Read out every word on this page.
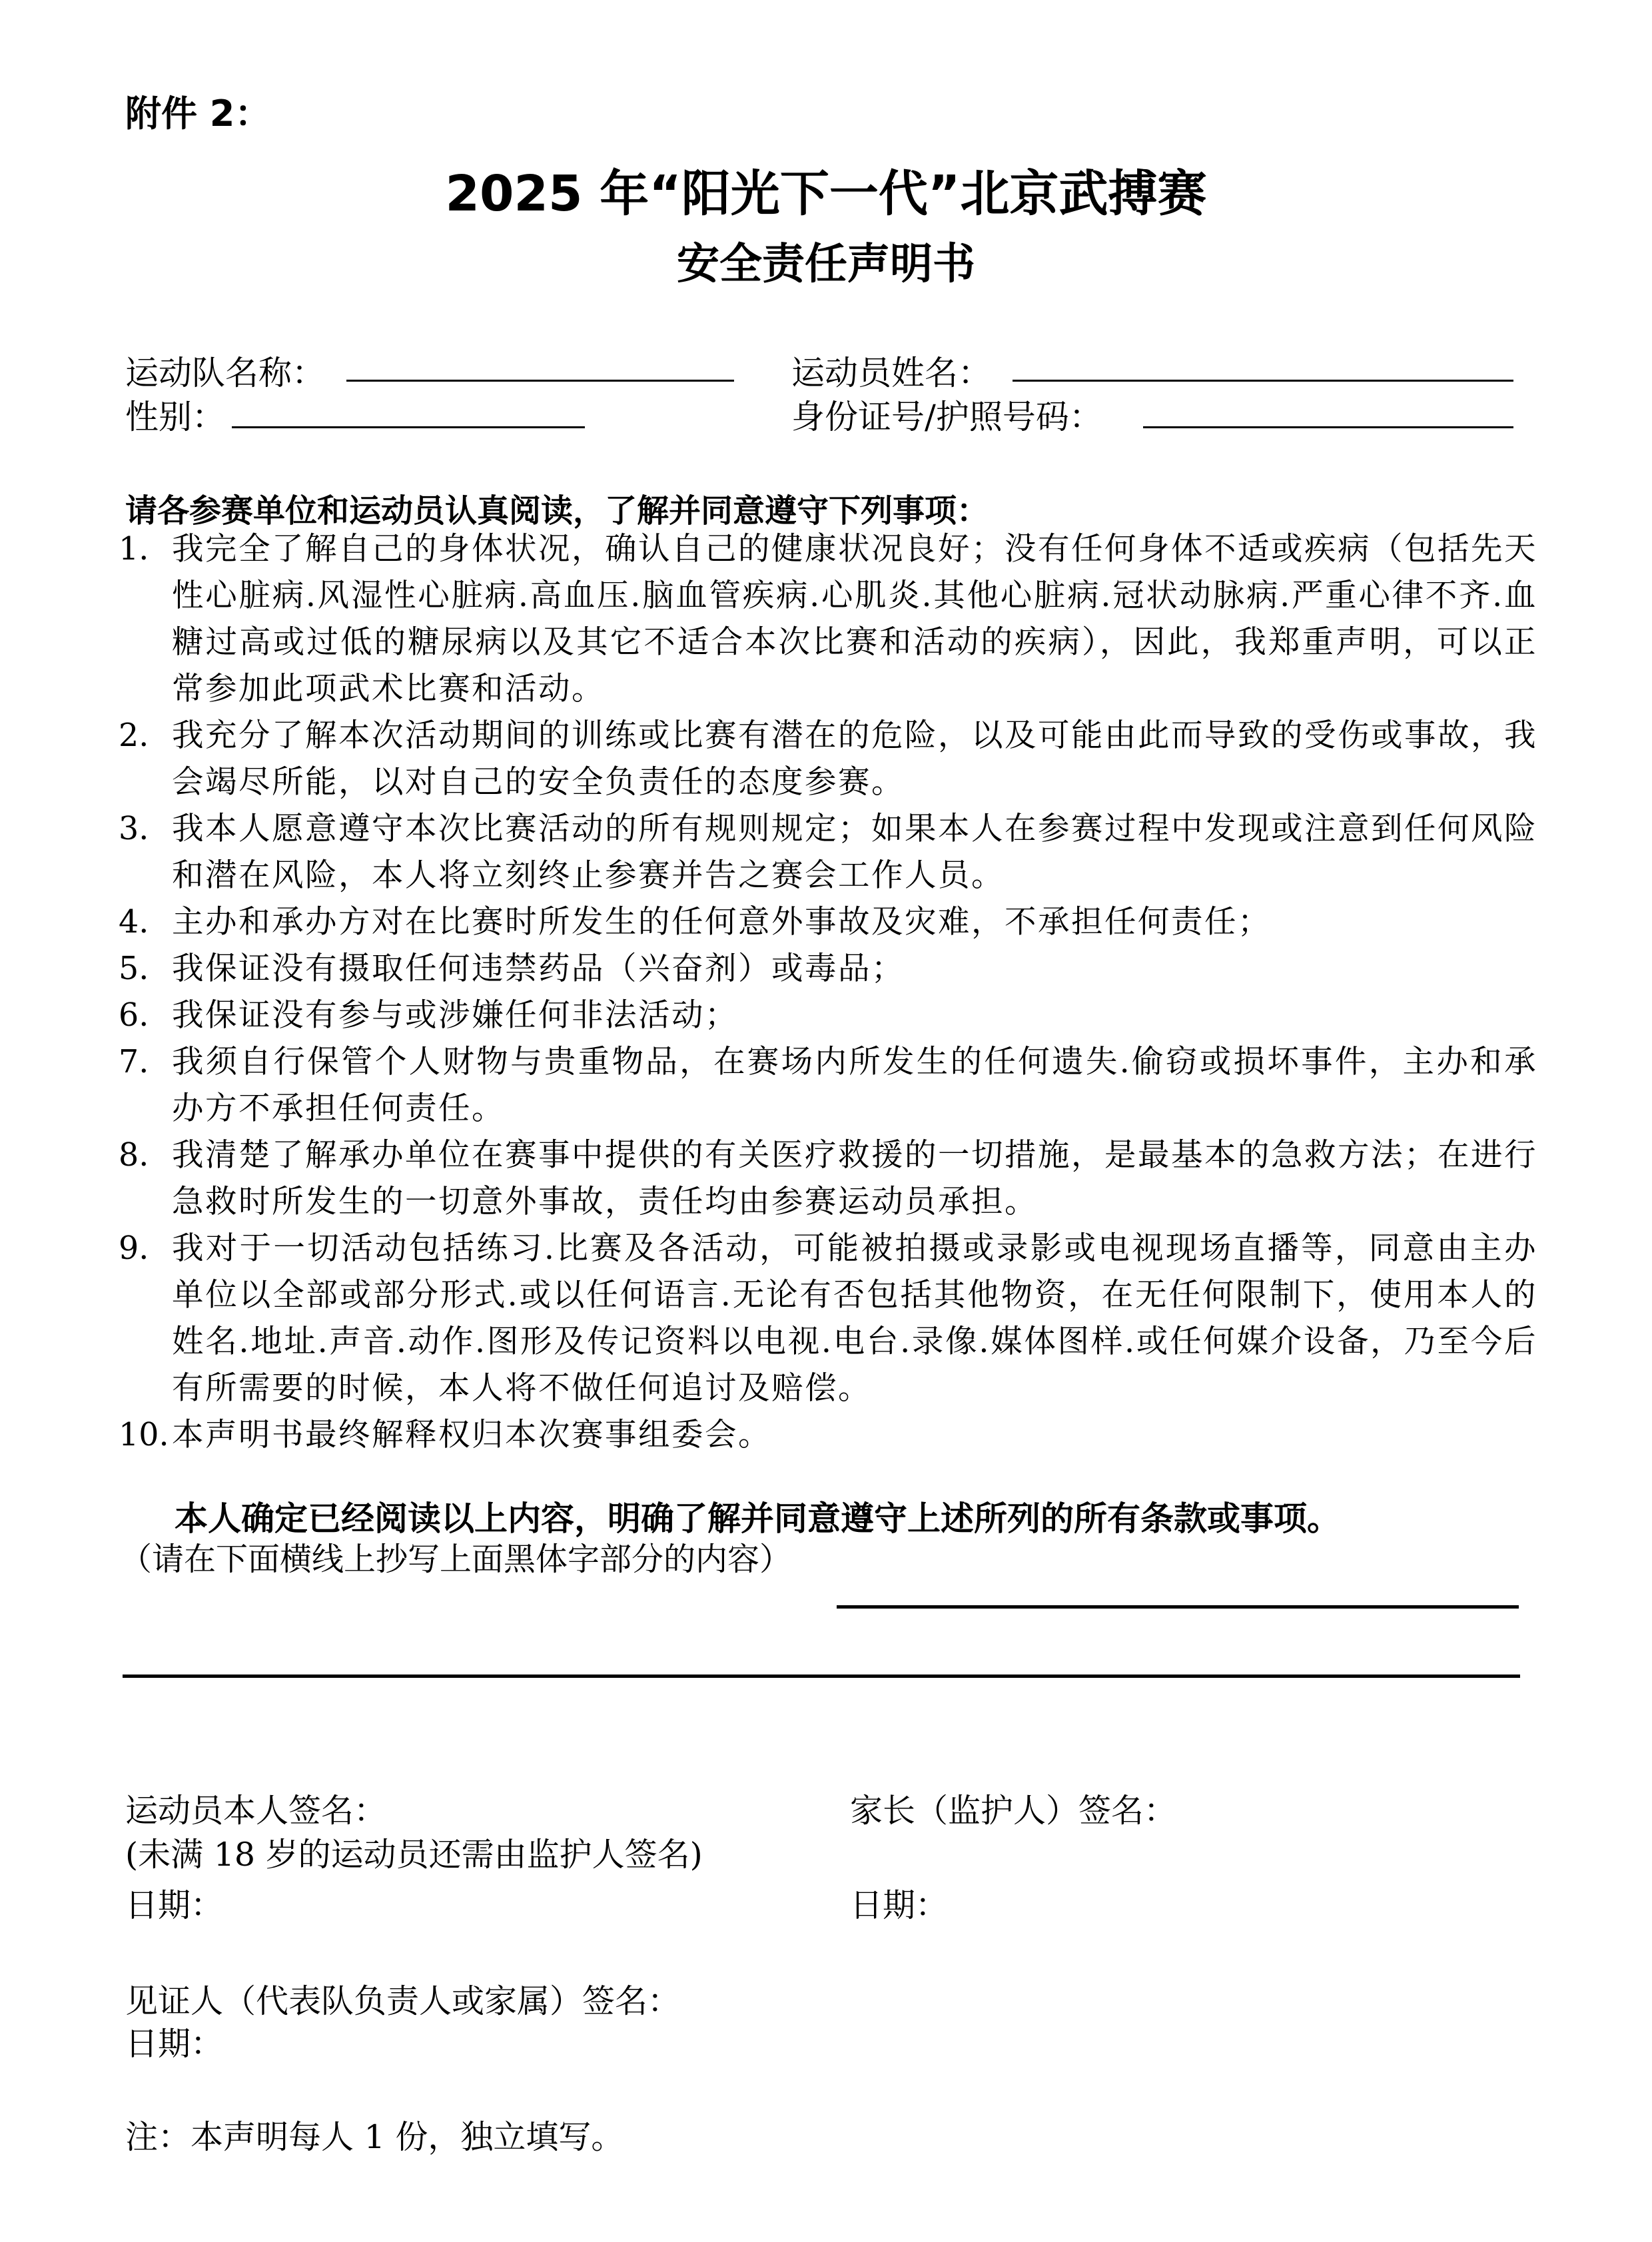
附件 2：
2025 年“阳光下一代”北京武搏赛
安全责任声明书
运动队名称：	运动员姓名：
性别：	身份证号/护照号码：
请各参赛单位和运动员认真阅读，了解并同意遵守下列事项：
1. 我完全了解自己的身体状况，确认自己的健康状况良好；没有任何身体不适或疾病（包括先天性心脏病.风湿性心脏病.高血压.脑血管疾病.心肌炎.其他心脏病.冠状动脉病.严重心律不齐.血糖过高或过低的糖尿病以及其它不适合本次比赛和活动的疾病），因此，我郑重声明，可以正常参加此项武术比赛和活动。
2. 我充分了解本次活动期间的训练或比赛有潜在的危险，以及可能由此而导致的受伤或事故，我会竭尽所能，以对自己的安全负责任的态度参赛。
3. 我本人愿意遵守本次比赛活动的所有规则规定；如果本人在参赛过程中发现或注意到任何风险和潜在风险，本人将立刻终止参赛并告之赛会工作人员。
4. 主办和承办方对在比赛时所发生的任何意外事故及灾难，不承担任何责任；
5. 我保证没有摄取任何违禁药品（兴奋剂）或毒品；
6. 我保证没有参与或涉嫌任何非法活动；
7. 我须自行保管个人财物与贵重物品，在赛场内所发生的任何遗失.偷窃或损坏事件，主办和承办方不承担任何责任。
8. 我清楚了解承办单位在赛事中提供的有关医疗救援的一切措施，是最基本的急救方法；在进行急救时所发生的一切意外事故，责任均由参赛运动员承担。
9. 我对于一切活动包括练习.比赛及各活动，可能被拍摄或录影或电视现场直播等，同意由主办单位以全部或部分形式.或以任何语言.无论有否包括其他物资，在无任何限制下，使用本人的姓名.地址.声音.动作.图形及传记资料以电视.电台.录像.媒体图样.或任何媒介设备，乃至今后有所需要的时候，本人将不做任何追讨及赔偿。
10. 本声明书最终解释权归本次赛事组委会。
本人确定已经阅读以上内容，明确了解并同意遵守上述所列的所有条款或事项。
（请在下面横线上抄写上面黑体字部分的内容）
运动员本人签名：
(未满 18 岁的运动员还需由监护人签名)
日期：
家长（监护人）签名：
日期：
见证人（代表队负责人或家属）签名：
日期：
注：本声明每人 1 份，独立填写。
